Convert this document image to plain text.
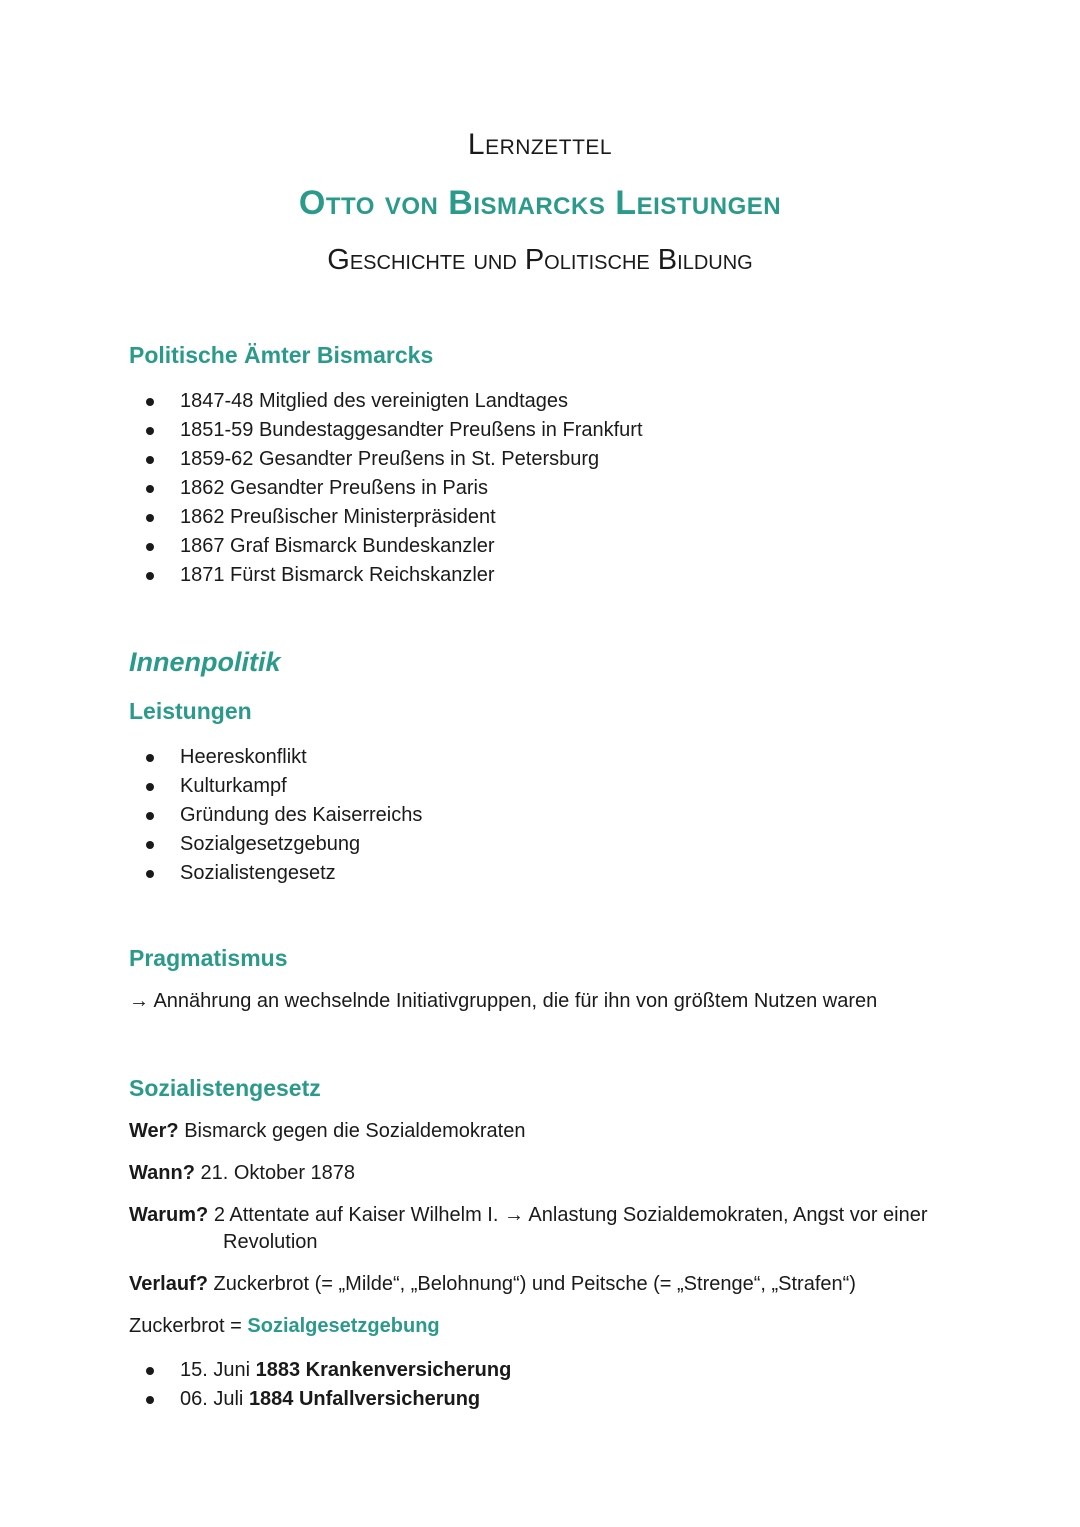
Lernzettel
Otto von Bismarcks Leistungen
Geschichte und Politische Bildung
Politische Ämter Bismarcks
1847-48 Mitglied des vereinigten Landtages
1851-59 Bundestaggesandter Preußens in Frankfurt
1859-62 Gesandter Preußens in St. Petersburg
1862 Gesandter Preußens in Paris
1862 Preußischer Ministerpräsident
1867 Graf Bismarck Bundeskanzler
1871 Fürst Bismarck Reichskanzler
Innenpolitik
Leistungen
Heereskonflikt
Kulturkampf
Gründung des Kaiserreichs
Sozialgesetzgebung
Sozialistengesetz
Pragmatismus
→ Annährung an wechselnde Initiativgruppen, die für ihn von größtem Nutzen waren
Sozialistengesetz
Wer? Bismarck gegen die Sozialdemokraten
Wann? 21. Oktober 1878
Warum? 2 Attentate auf Kaiser Wilhelm I. → Anlastung Sozialdemokraten, Angst vor einer
Revolution
Verlauf? Zuckerbrot (= „Milde“, „Belohnung“) und Peitsche (= „Strenge“, „Strafen“)
Zuckerbrot = Sozialgesetzgebung
15. Juni 1883 Krankenversicherung
06. Juli 1884 Unfallversicherung
